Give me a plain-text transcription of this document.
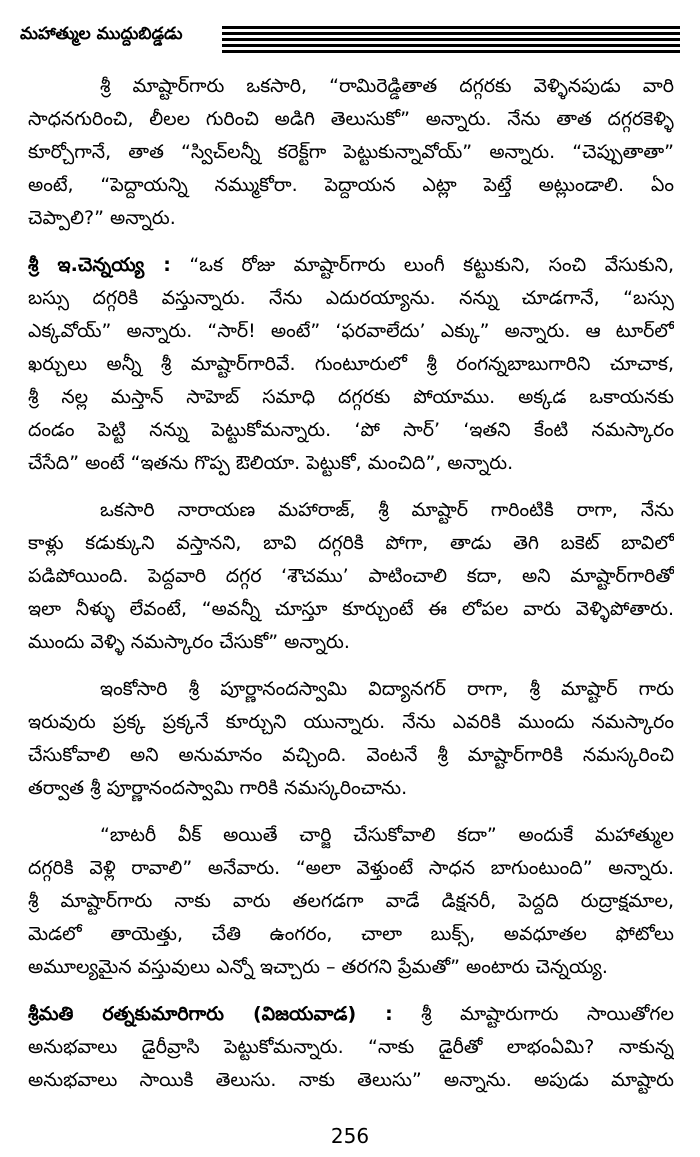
మహాత్ముల ముద్దుబిడ్డడు
శ్రీ మాష్టార్‌గారు ఒకసారి, “రామిరెడ్డితాత దగ్గరకు వెళ్ళినపుడు వారి
సాధనగురించి, లీలల గురించి అడిగి తెలుసుకో” అన్నారు. నేను తాత దగ్గరకెళ్ళి
కూర్చోగానే, తాత “స్విచ్‌లన్నీ కరెక్ట్‌గా పెట్టుకున్నావోయ్” అన్నారు. “చెప్పుతాతా”
అంటే, “పెద్దాయన్ని నమ్ముకోరా. పెద్దాయన ఎట్లా పెట్తే అట్లుండాలి. ఏం
చెప్పాలి?” అన్నారు.
శ్రీ ఇ.చెన్నయ్య : “ఒక రోజు మాష్టార్‌గారు లుంగీ కట్టుకుని, సంచి వేసుకుని,
బస్సు దగ్గరికి వస్తున్నారు. నేను ఎదురయ్యాను. నన్ను చూడగానే, “బస్సు
ఎక్కవోయ్” అన్నారు. “సార్! అంటే” ‘ఫరవాలేదు’ ఎక్కు” అన్నారు. ఆ టూర్‌లో
ఖర్చులు అన్నీ శ్రీ మాష్టార్‌గారివే. గుంటూరులో శ్రీ రంగన్నబాబుగారిని చూచాక,
శ్రీ నల్ల మస్తాన్ సాహెబ్ సమాధి దగ్గరకు పోయాము. అక్కడ ఒకాయనకు
దండం పెట్టి నన్ను పెట్టుకోమన్నారు. ‘పో సార్’ ‘ఇతని కేంటి నమస్కారం
చేసేది” అంటే “ఇతను గొప్ప ఔలియా. పెట్టుకో, మంచిది”, అన్నారు.
ఒకసారి నారాయణ మహారాజ్, శ్రీ మాష్టార్ గారింటికి రాగా, నేను
కాళ్లు కడుక్కుని వస్తానని, బావి దగ్గరికి పోగా, తాడు తెగి బకెట్ బావిలో
పడిపోయింది. పెద్దవారి దగ్గర ‘శౌచము’ పాటించాలి కదా, అని మాష్టార్‌గారితో
ఇలా నీళ్ళు లేవంటే, “అవన్నీ చూస్తూ కూర్చుంటే ఈ లోపల వారు వెళ్ళిపోతారు.
ముందు వెళ్ళి నమస్కారం చేసుకో” అన్నారు.
ఇంకోసారి శ్రీ పూర్ణానందస్వామి విద్యానగర్ రాగా, శ్రీ మాష్టార్ గారు
ఇరువురు ప్రక్క ప్రక్కనే కూర్చుని యున్నారు. నేను ఎవరికి ముందు నమస్కారం
చేసుకోవాలి అని అనుమానం వచ్చింది. వెంటనే శ్రీ మాష్టార్‌గారికి నమస్కరించి
తర్వాత శ్రీ పూర్ణానందస్వామి గారికి నమస్కరించాను.
“బాటరీ వీక్ అయితే చార్జి చేసుకోవాలి కదా” అందుకే మహాత్ముల
దగ్గరికి వెళ్లి రావాలి” అనేవారు. “అలా వెళ్తుంటే సాధన బాగుంటుంది” అన్నారు.
శ్రీ మాష్టార్‌గారు నాకు వారు తలగడగా వాడే డిక్షనరీ, పెద్దది రుద్రాక్షమాల,
మెడలో తాయెత్తు, చేతి ఉంగరం, చాలా బుక్స్, అవధూతల ఫోటోలు
అమూల్యమైన వస్తువులు ఎన్నో ఇచ్చారు – తరగని ప్రేమతో” అంటారు చెన్నయ్య.
శ్రీమతి రత్నకుమారిగారు (విజయవాడ) : శ్రీ మాష్టారుగారు సాయితోగల
అనుభవాలు డైరీవ్రాసి పెట్టుకోమన్నారు. “నాకు డైరీతో లాభంఏమి? నాకున్న
అనుభవాలు సాయికి తెలుసు. నాకు తెలుసు” అన్నాను. అపుడు మాష్టారు
256
